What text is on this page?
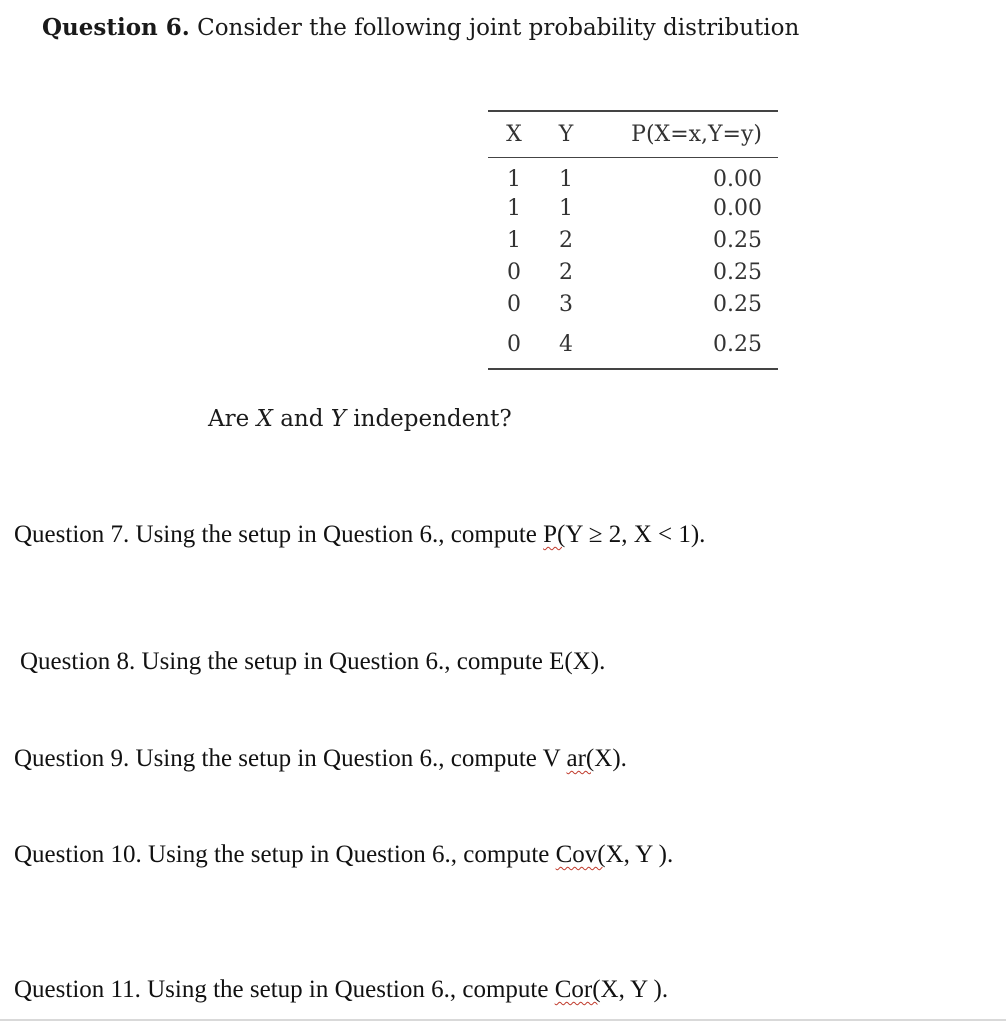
Question 6. Consider the following joint probability distribution
X	Y	P(X=x,Y=y)
1	1	0.00
1	1	0.00
1	2	0.25
0	2	0.25
0	3	0.25
0	4	0.25
Are X and Y independent?
Question 7. Using the setup in Question 6., compute P(Y ≥ 2, X < 1).
Question 8. Using the setup in Question 6., compute E(X).
Question 9. Using the setup in Question 6., compute V ar(X).
Question 10. Using the setup in Question 6., compute Cov(X, Y ).
Question 11. Using the setup in Question 6., compute Cor(X, Y ).
